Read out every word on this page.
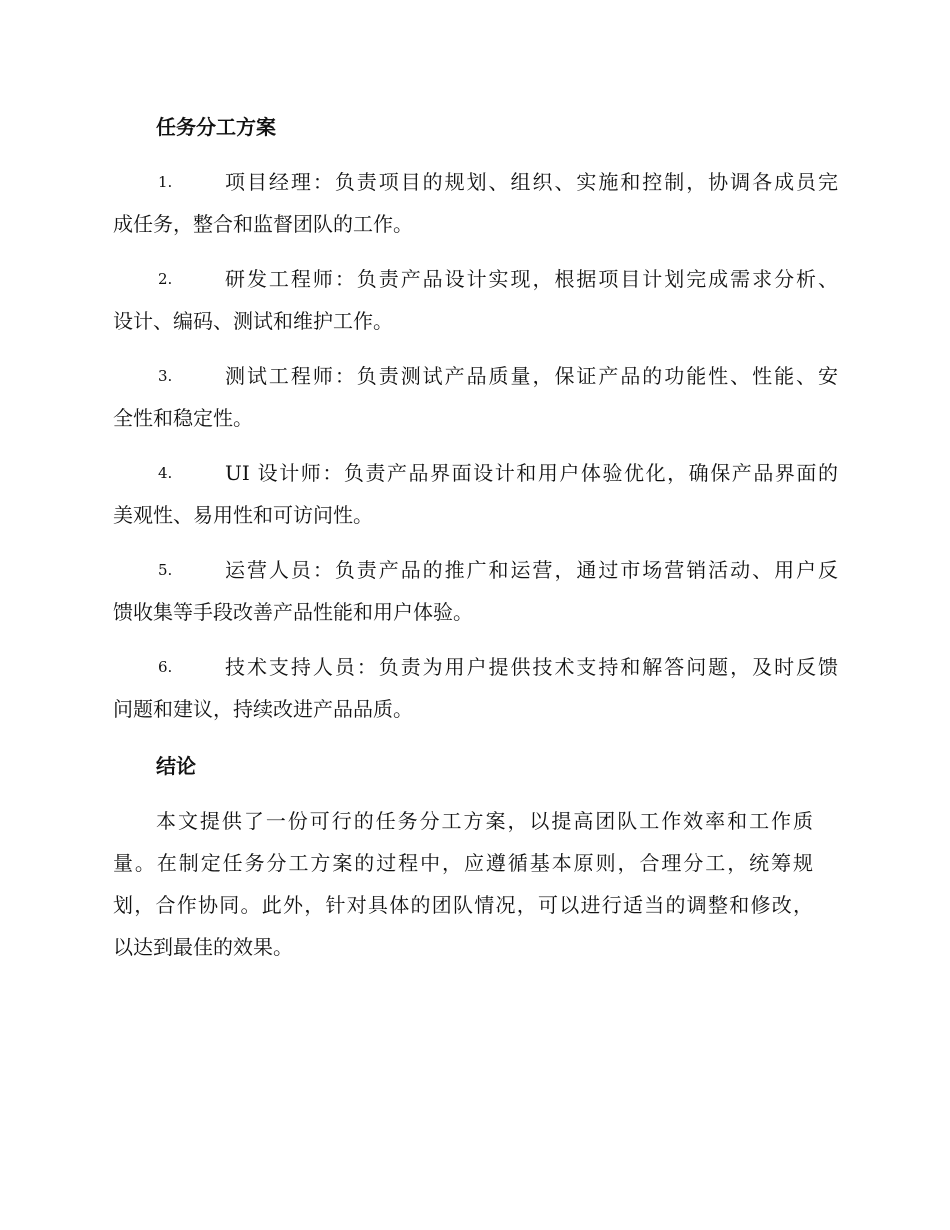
任务分工方案
1.	项目经理：负责项目的规划、组织、实施和控制，协调各成员完
成任务，整合和监督团队的工作。
2.	研发工程师：负责产品设计实现，根据项目计划完成需求分析、
设计、编码、测试和维护工作。
3.	测试工程师：负责测试产品质量，保证产品的功能性、性能、安
全性和稳定性。
4.	UI 设计师：负责产品界面设计和用户体验优化，确保产品界面的
美观性、易用性和可访问性。
5.	运营人员：负责产品的推广和运营，通过市场营销活动、用户反
馈收集等手段改善产品性能和用户体验。
6.	技术支持人员：负责为用户提供技术支持和解答问题，及时反馈
问题和建议，持续改进产品品质。
结论
本文提供了一份可行的任务分工方案，以提高团队工作效率和工作质
量。在制定任务分工方案的过程中，应遵循基本原则，合理分工，统筹规
划，合作协同。此外，针对具体的团队情况，可以进行适当的调整和修改，
以达到最佳的效果。
